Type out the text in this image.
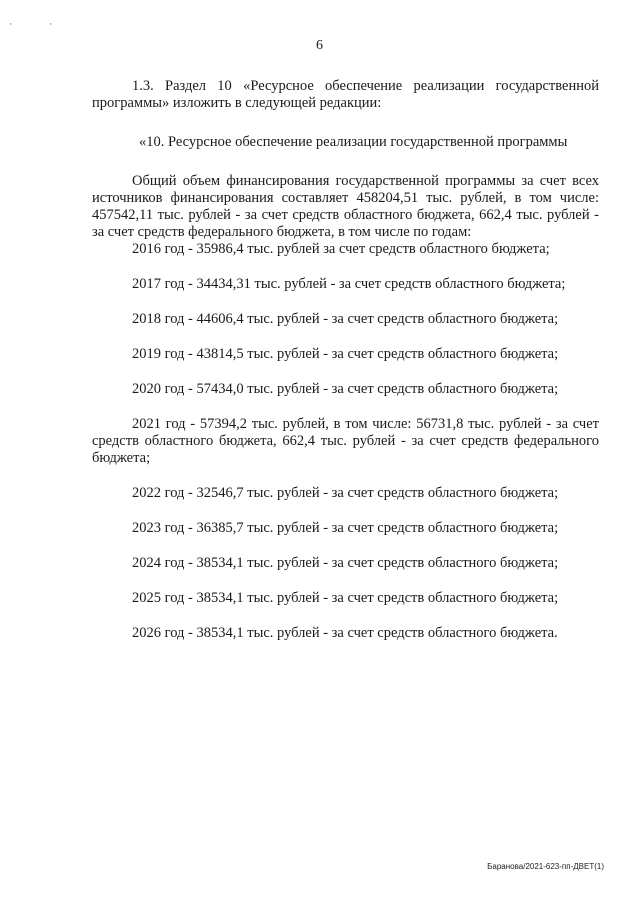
'	'
6

1.3. Раздел 10 «Ресурсное обеспечение реализации государственной программы» изложить в следующей редакции:

«10. Ресурсное обеспечение реализации государственной программы

Общий объем финансирования государственной программы за счет всех источников финансирования составляет 458204,51 тыс. рублей, в том числе: 457542,11 тыс. рублей - за счет средств областного бюджета, 662,4 тыс. рублей - за счет средств федерального бюджета, в том числе по годам:

2016 год - 35986,4 тыс. рублей за счет средств областного бюджета;

2017 год - 34434,31 тыс. рублей - за счет средств областного бюджета;

2018 год - 44606,4 тыс. рублей - за счет средств областного бюджета;

2019 год - 43814,5 тыс. рублей - за счет средств областного бюджета;

2020 год - 57434,0 тыс. рублей - за счет средств областного бюджета;

2021 год - 57394,2 тыс. рублей, в том числе: 56731,8 тыс. рублей - за счет средств областного бюджета, 662,4 тыс. рублей - за счет средств федерального бюджета;

2022 год - 32546,7 тыс. рублей - за счет средств областного бюджета;

2023 год - 36385,7 тыс. рублей - за счет средств областного бюджета;

2024 год - 38534,1 тыс. рублей - за счет средств областного бюджета;

2025 год - 38534,1 тыс. рублей - за счет средств областного бюджета;

2026 год - 38534,1 тыс. рублей - за счет средств областного бюджета.

Баранова/2021-623-пп-ДВЕТ(1)
